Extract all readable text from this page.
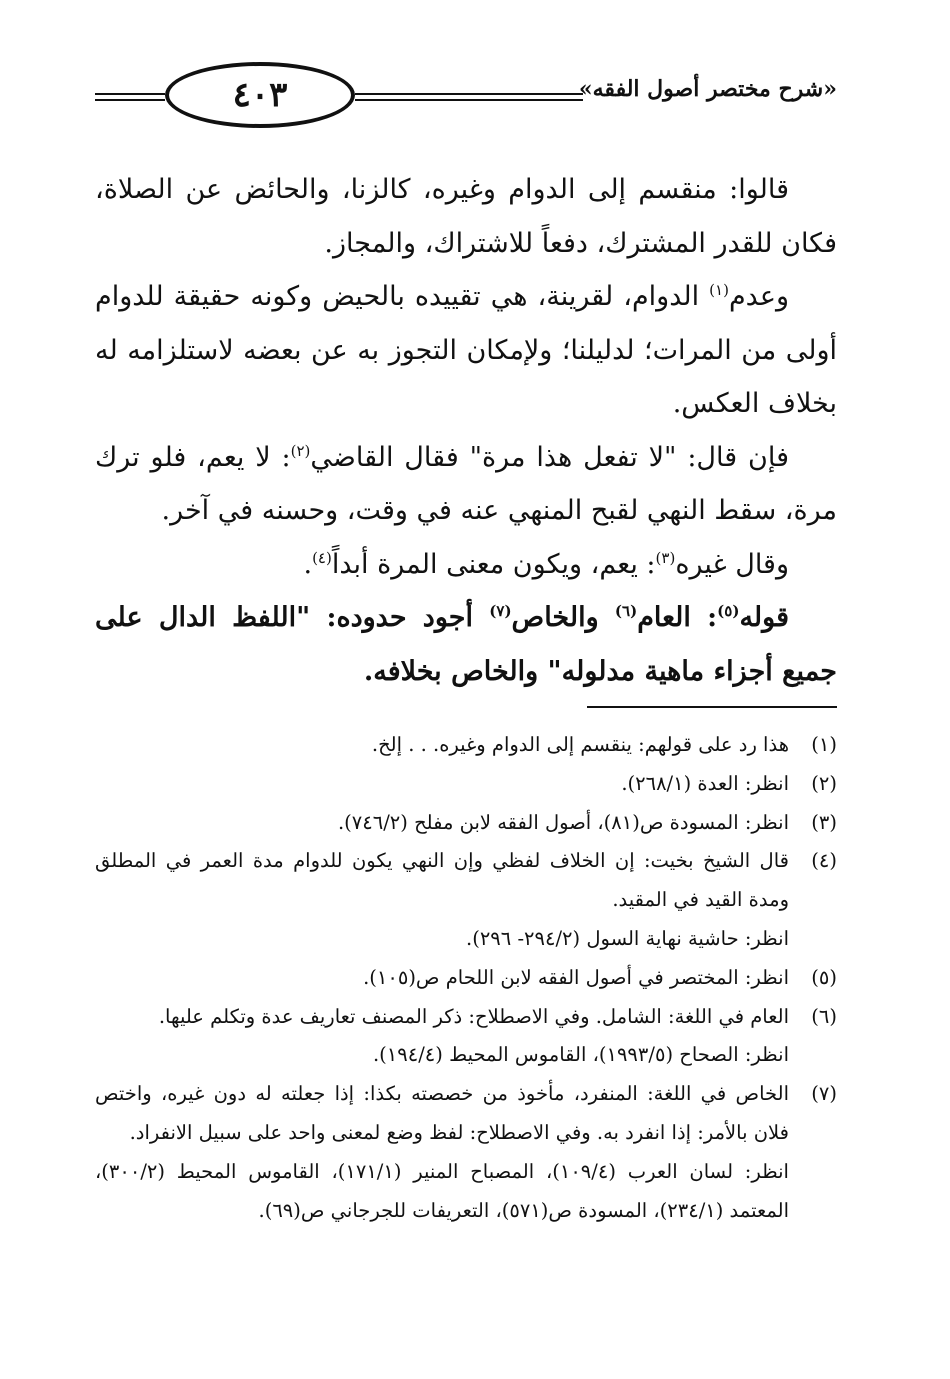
٤٠٣	«شرح مختصر أصول الفقه»

قالوا: منقسم إلى الدوام وغيره، كالزنا، والحائض عن الصلاة، فكان للقدر المشترك، دفعاً للاشتراك، والمجاز.

وعدم$^{(١)}$ الدوام، لقرينة، هي تقييده بالحيض وكونه حقيقة للدوام أولى من المرات؛ لدليلنا؛ ولإمكان التجوز به عن بعضه لاستلزامه له بخلاف العكس.

فإن قال: "لا تفعل هذا مرة" فقال القاضي$^{(٢)}$: لا يعم، فلو ترك مرة، سقط النهي لقبح المنهي عنه في وقت، وحسنه في آخر.

وقال غيره$^{(٣)}$: يعم، ويكون معنى المرة أبداً$^{(٤)}$.

قوله$^{(٥)}$: العام$^{(٦)}$ والخاص$^{(٧)}$ أجود حدوده: "اللفظ الدال على جميع أجزاء ماهية مدلوله" والخاص بخلافه.

(١)

هذا رد على قولهم: ينقسم إلى الدوام وغيره. . . إلخ.

(٢)

انظر: العدة (٢٦٨/١).

(٣)

انظر: المسودة ص(٨١)، أصول الفقه لابن مفلح (٧٤٦/٢).

(٤)

قال الشيخ بخيت: إن الخلاف لفظي وإن النهي يكون للدوام مدة العمر في المطلق ومدة القيد في المقيد.

انظر: حاشية نهاية السول (٢٩٤/٢- ٢٩٦).

(٥)

انظر: المختصر في أصول الفقه لابن اللحام ص(١٠٥).

(٦)

العام في اللغة: الشامل. وفي الاصطلاح: ذكر المصنف تعاريف عدة وتكلم عليها.

انظر: الصحاح (١٩٩٣/٥)، القاموس المحيط (١٩٤/٤).

(٧)

الخاص في اللغة: المنفرد، مأخوذ من خصصته بكذا: إذا جعلته له دون غيره، واختص فلان بالأمر: إذا انفرد به. وفي الاصطلاح: لفظ وضع لمعنى واحد على سبيل الانفراد.

انظر: لسان العرب (١٠٩/٤)، المصباح المنير (١٧١/١)، القاموس المحيط (٣٠٠/٢)، المعتمد (٢٣٤/١)، المسودة ص(٥٧١)، التعريفات للجرجاني ص(٦٩).
